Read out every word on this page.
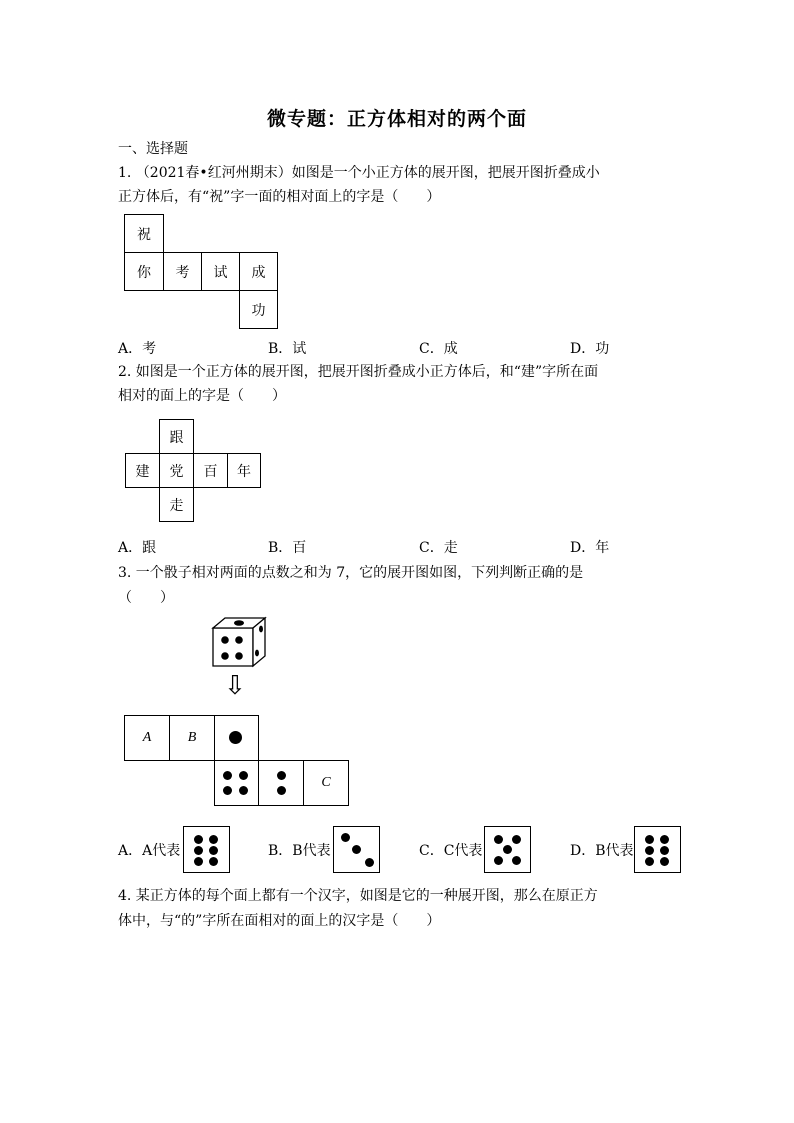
微专题：正方体相对的两个面
一、选择题
1. （2021春•红河州期末）如图是一个小正方体的展开图，把展开图折叠成小
正方体后，有“祝”字一面的相对面上的字是（　　）
祝
你	考	试	成
功
A．考	B．试	C．成	D．功
2. 如图是一个正方体的展开图，把展开图折叠成小正方体后，和“建”字所在面
相对的面上的字是（　　）
跟
建	党	百	年
走
A．跟	B．百	C．走	D．年
3. 一个骰子相对两面的点数之和为 7，它的展开图如图，下列判断正确的是
（　　）
⇩
A	B
C
A．A代表	B．B代表	C．C代表	D．B代表
4. 某正方体的每个面上都有一个汉字，如图是它的一种展开图，那么在原正方
体中，与“的”字所在面相对的面上的汉字是（　　）
